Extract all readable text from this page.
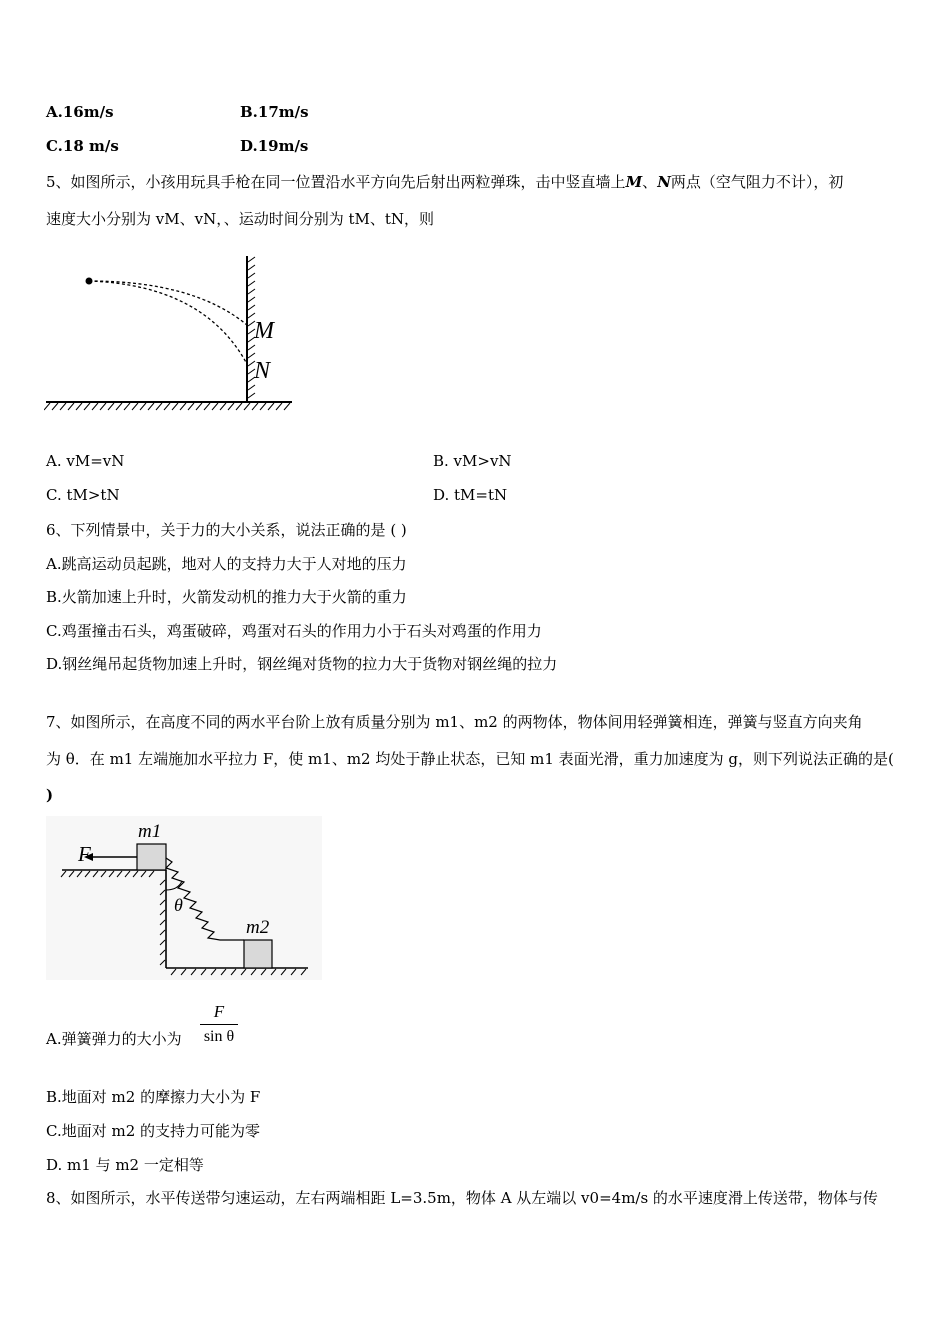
A.16m/s	B.17m/s
C.18 m/s	D.19m/s
5、如图所示，小孩用玩具手枪在同一位置沿水平方向先后射出两粒弹珠，击中竖直墙上M、N两点（空气阻力不计），初
速度大小分别为 vM、vN，、运动时间分别为 tM、tN，则
M
N
A. vM=vN	B. vM>vN
C. tM>tN	D. tM=tN
6、下列情景中，关于力的大小关系，说法正确的是 ( )
A.跳高运动员起跳，地对人的支持力大于人对地的压力
B.火箭加速上升时，火箭发动机的推力大于火箭的重力
C.鸡蛋撞击石头，鸡蛋破碎，鸡蛋对石头的作用力小于石头对鸡蛋的作用力
D.钢丝绳吊起货物加速上升时，钢丝绳对货物的拉力大于货物对钢丝绳的拉力
7、如图所示，在高度不同的两水平台阶上放有质量分别为 m1、m2 的两物体，物体间用轻弹簧相连，弹簧与竖直方向夹角
为 θ．在 m1 左端施加水平拉力 F，使 m1、m2 均处于静止状态，已知 m1 表面光滑，重力加速度为 g，则下列说法正确的是(
)
F
m1
θ
m2
A.弹簧弹力的大小为
F
sin θ
B.地面对 m2 的摩擦力大小为 F
C.地面对 m2 的支持力可能为零
D. m1 与 m2 一定相等
8、如图所示，水平传送带匀速运动，左右两端相距 L=3.5m，物体 A 从左端以 v0=4m/s 的水平速度滑上传送带，物体与传
